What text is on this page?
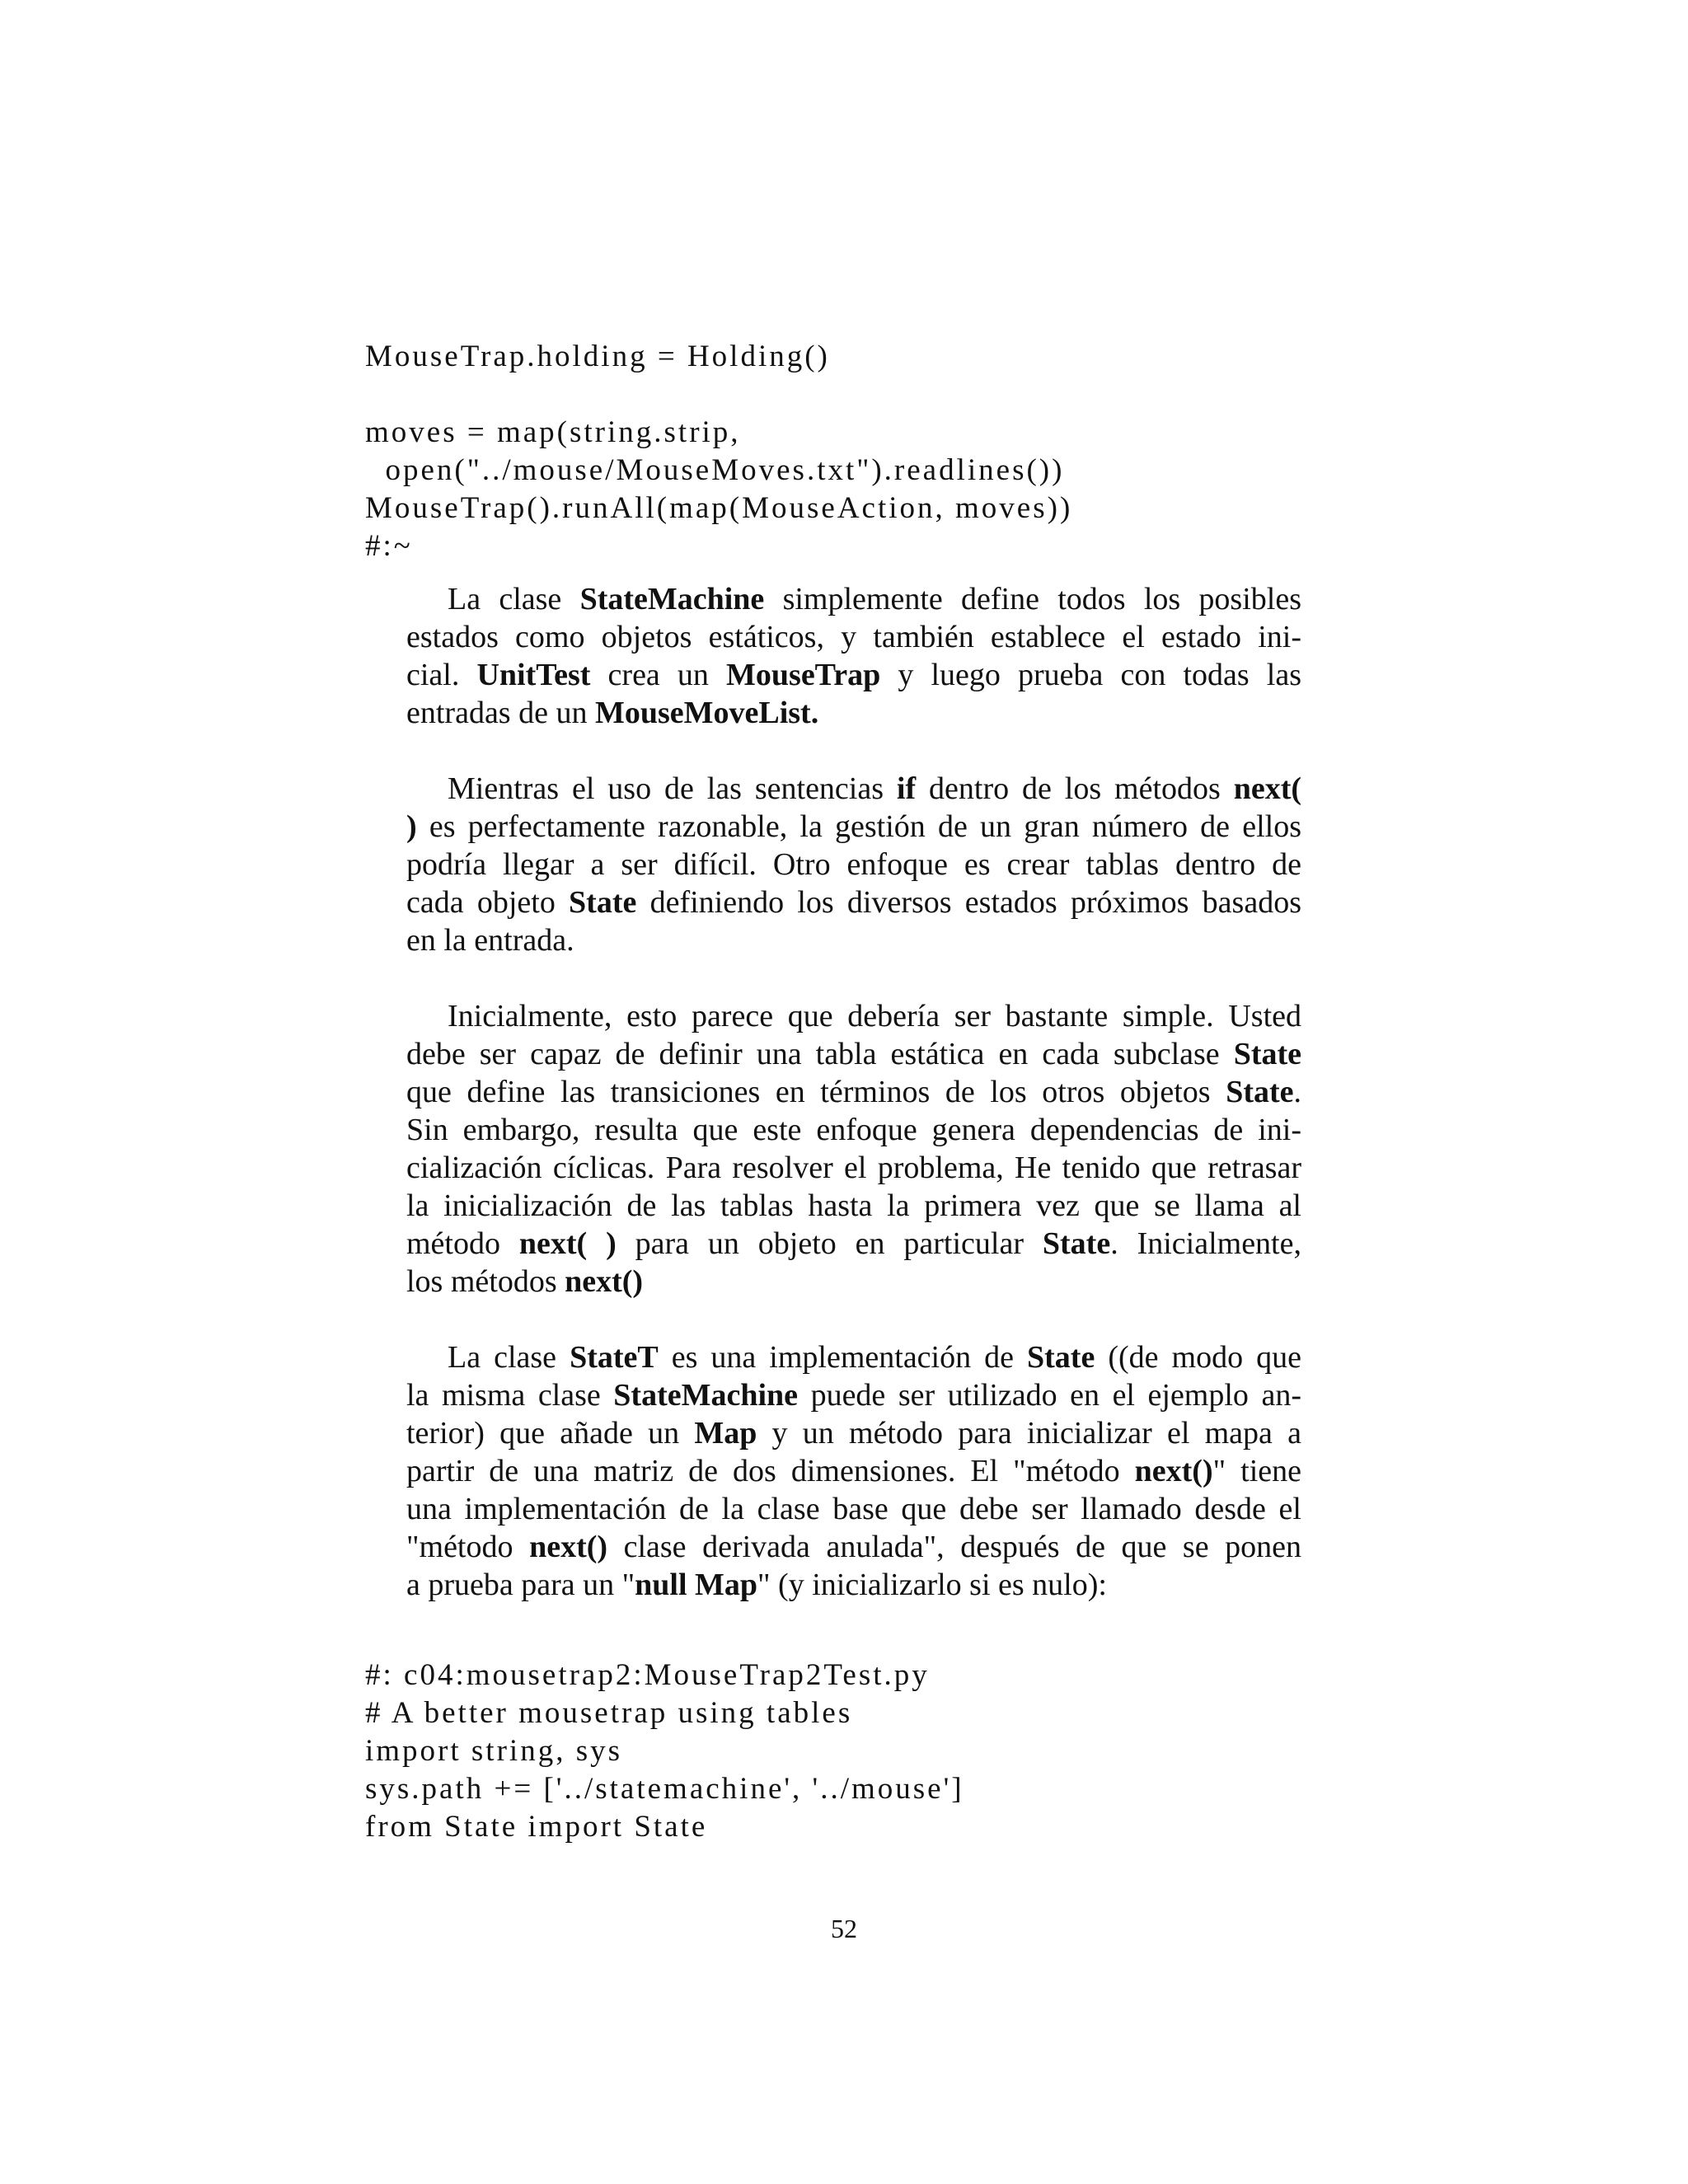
MouseTrap.holding = Holding()
moves = map(string.strip,
open("../mouse/MouseMoves.txt").readlines())
MouseTrap().runAll(map(MouseAction, moves))
#:~
La clase StateMachine simplemente define todos los posibles
estados como objetos estáticos, y también establece el estado ini-
cial. UnitTest crea un MouseTrap y luego prueba con todas las
entradas de un MouseMoveList.
Mientras el uso de las sentencias if dentro de los métodos next(
) es perfectamente razonable, la gestión de un gran número de ellos
podría llegar a ser difícil. Otro enfoque es crear tablas dentro de
cada objeto State definiendo los diversos estados próximos basados
en la entrada.
Inicialmente, esto parece que debería ser bastante simple. Usted
debe ser capaz de definir una tabla estática en cada subclase State
que define las transiciones en términos de los otros objetos State.
Sin embargo, resulta que este enfoque genera dependencias de ini-
cialización cíclicas. Para resolver el problema, He tenido que retrasar
la inicialización de las tablas hasta la primera vez que se llama al
método next( ) para un objeto en particular State. Inicialmente,
los métodos next()
La clase StateT es una implementación de State ((de modo que
la misma clase StateMachine puede ser utilizado en el ejemplo an-
terior) que añade un Map y un método para inicializar el mapa a
partir de una matriz de dos dimensiones. El "método next()" tiene
una implementación de la clase base que debe ser llamado desde el
"método next() clase derivada anulada", después de que se ponen
a prueba para un "null Map" (y inicializarlo si es nulo):
#: c04:mousetrap2:MouseTrap2Test.py
# A better mousetrap using tables
import string, sys
sys.path += ['../statemachine', '../mouse']
from State import State
52
